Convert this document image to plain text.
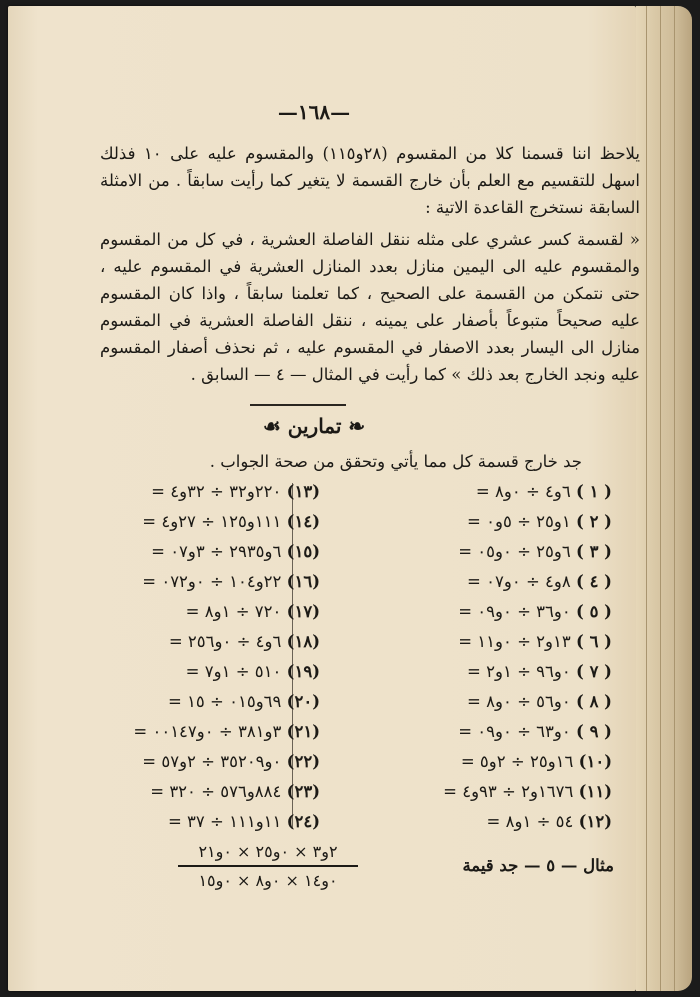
—١٦٨—
يلاحظ اننا قسمنا كلا من المقسوم (٢٨و١١٥) والمقسوم عليه على ١٠ فذلك اسهل للتقسيم مع العلم بأن خارج القسمة لا يتغير كما رأيت سابقاً . من الامثلة السابقة نستخرج القاعدة الاتية :
« لقسمة كسر عشري على مثله ننقل الفاصلة العشرية ، في كل من المقسوم والمقسوم عليه الى اليمين منازل بعدد المنازل العشرية في المقسوم عليه ، حتى نتمكن من القسمة على الصحيح ، كما تعلمنا سابقاً ، واذا كان المقسوم عليه صحيحاً متبوعاً بأصفار على يمينه ، ننقل الفاصلة العشرية في المقسوم منازل الى اليسار بعدد الاصفار في المقسوم عليه ، ثم نحذف أصفار المقسوم عليه ونجد الخارج بعد ذلك » كما رأيت في المثال — ٤ — السابق .
❧ تمارين ☙
جد خارج قسمة كل مما يأتي وتحقق من صحة الجواب .
( ١ ) ٦و٤ ÷ ٠و٨ =
( ٢ ) ١و٢٥ ÷ ٥و٠ =
( ٣ ) ٦و٢٥ ÷ ٠و٠٥ =
( ٤ ) ٨و٤ ÷ ٠و٠٧ =
( ٥ ) ٠و٣٦ ÷ ٠و٠٩ =
( ٦ ) ١٣و٢ ÷ ٠و١١ =
( ٧ ) ٠و٩٦ ÷ ١و٢ =
( ٨ ) ٠و٥٦ ÷ ٠و٨ =
( ٩ ) ٠و٦٣ ÷ ٠و٠٩ =
(١٠) ١٦و٢٥ ÷ ٢و٥ =
(١١) ١٦٧٦و٢ ÷ ٩٣و٤ =
(١٢) ٥٤ ÷ ١و٨ =
(١٣) ٢٢٠و٣٢ ÷ ٣٢و٤ =
(١٤) ١١١و١٢٥ ÷ ٢٧و٤ =
(١٥) ٦و٢٩٣٥ ÷ ٣و٠٧ =
(١٦) ٢٢و١٠٤ ÷ ٠و٠٧٢ =
(١٧) ٧٢٠ ÷ ١و٨ =
(١٨) ٦و٤ ÷ ٠و٢٥٦ =
(١٩) ٥١٠ ÷ ١و٧ =
(٢٠) ٦٩و٠١٥ ÷ ١٥ =
(٢١) ٣و٣٨١ ÷ ٠و٠٠١٤٧ =
(٢٢) ٠و٣٥٢٠٩ ÷ ٢و٥٧ =
(٢٣) ٨٨٤و٥٧٦ ÷ ٣٢٠ =
(٢٤) ١١و١١١ ÷ ٣٧ =
مثال — ٥ — جد قيمة
٢و٣ × ٠و٢٥ × ٠و٢١
٠و١٤ × ٠و٨ × ٠و١٥
